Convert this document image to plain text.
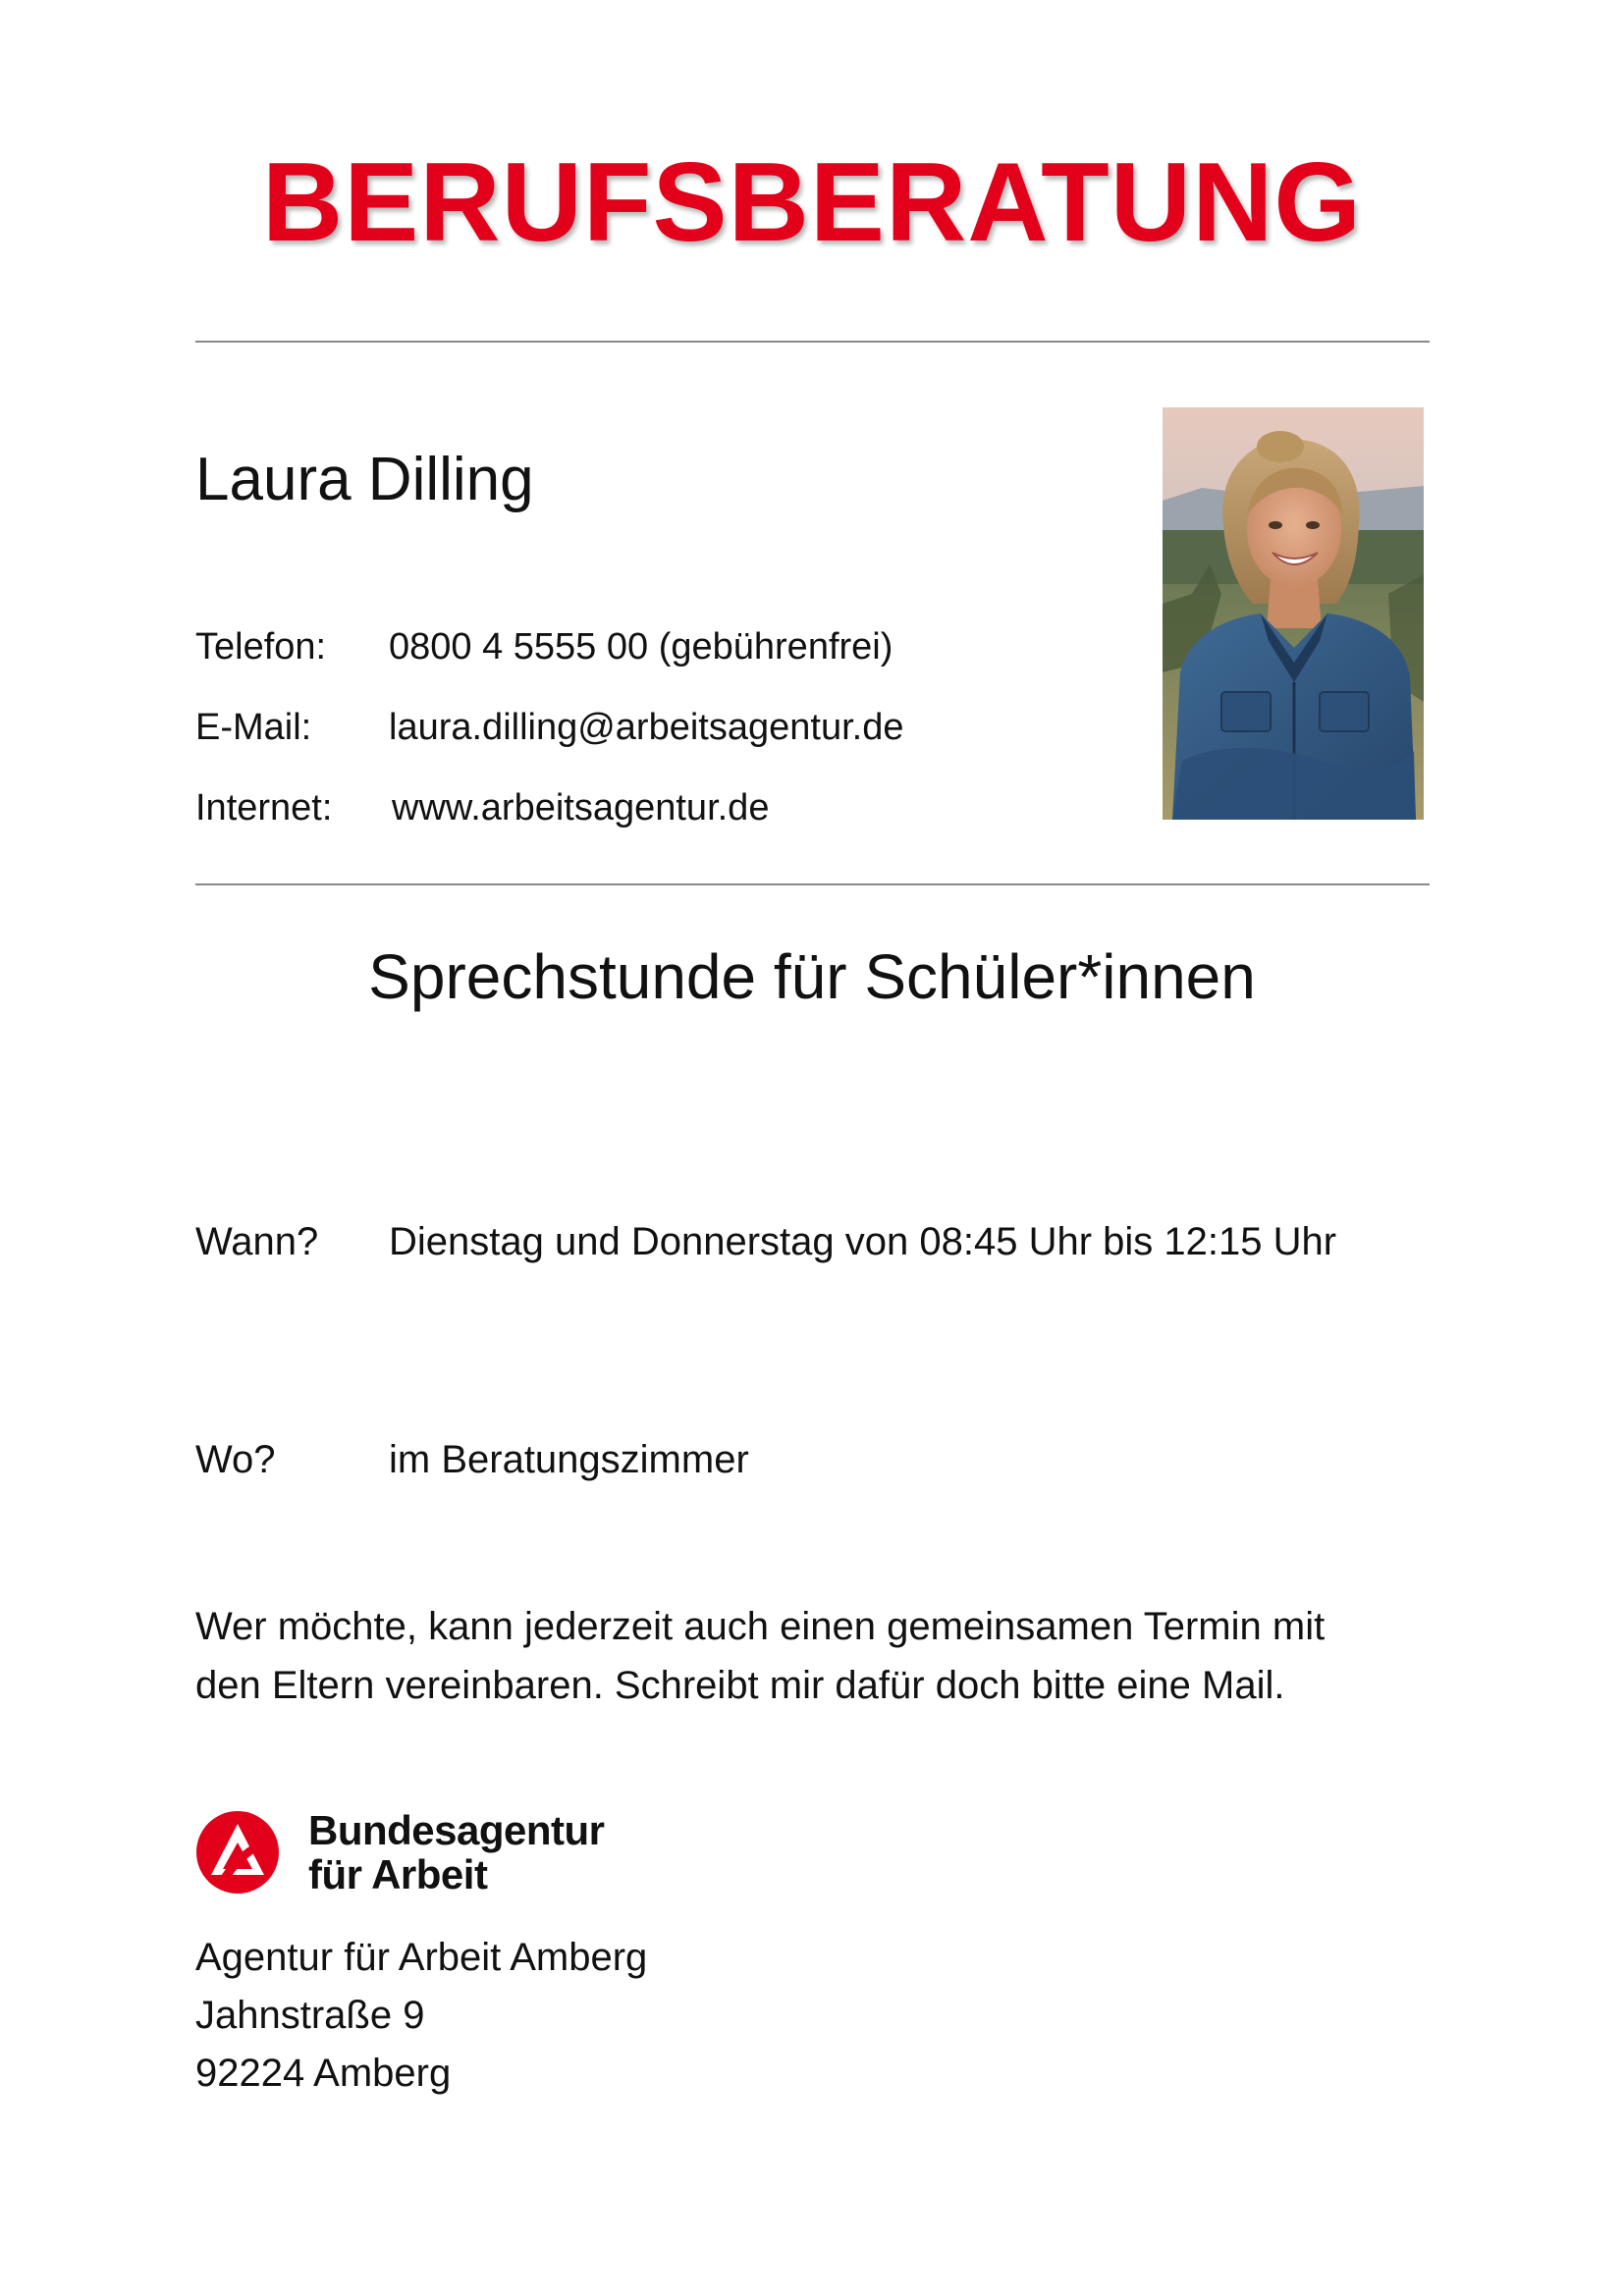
BERUFSBERATUNG
Laura Dilling
Telefon: 0800 4 5555 00 (gebührenfrei)
E-Mail: laura.dilling@arbeitsagentur.de
Internet: www.arbeitsagentur.de
Sprechstunde für Schüler*innen
Wann? Dienstag und Donnerstag von 08:45 Uhr bis 12:15 Uhr
Wo?	im Beratungszimmer
Wer möchte, kann jederzeit auch einen gemeinsamen Termin mit
den Eltern vereinbaren. Schreibt mir dafür doch bitte eine Mail.
Bundesagentur
für Arbeit
Agentur für Arbeit Amberg
Jahnstraße 9
92224 Amberg
